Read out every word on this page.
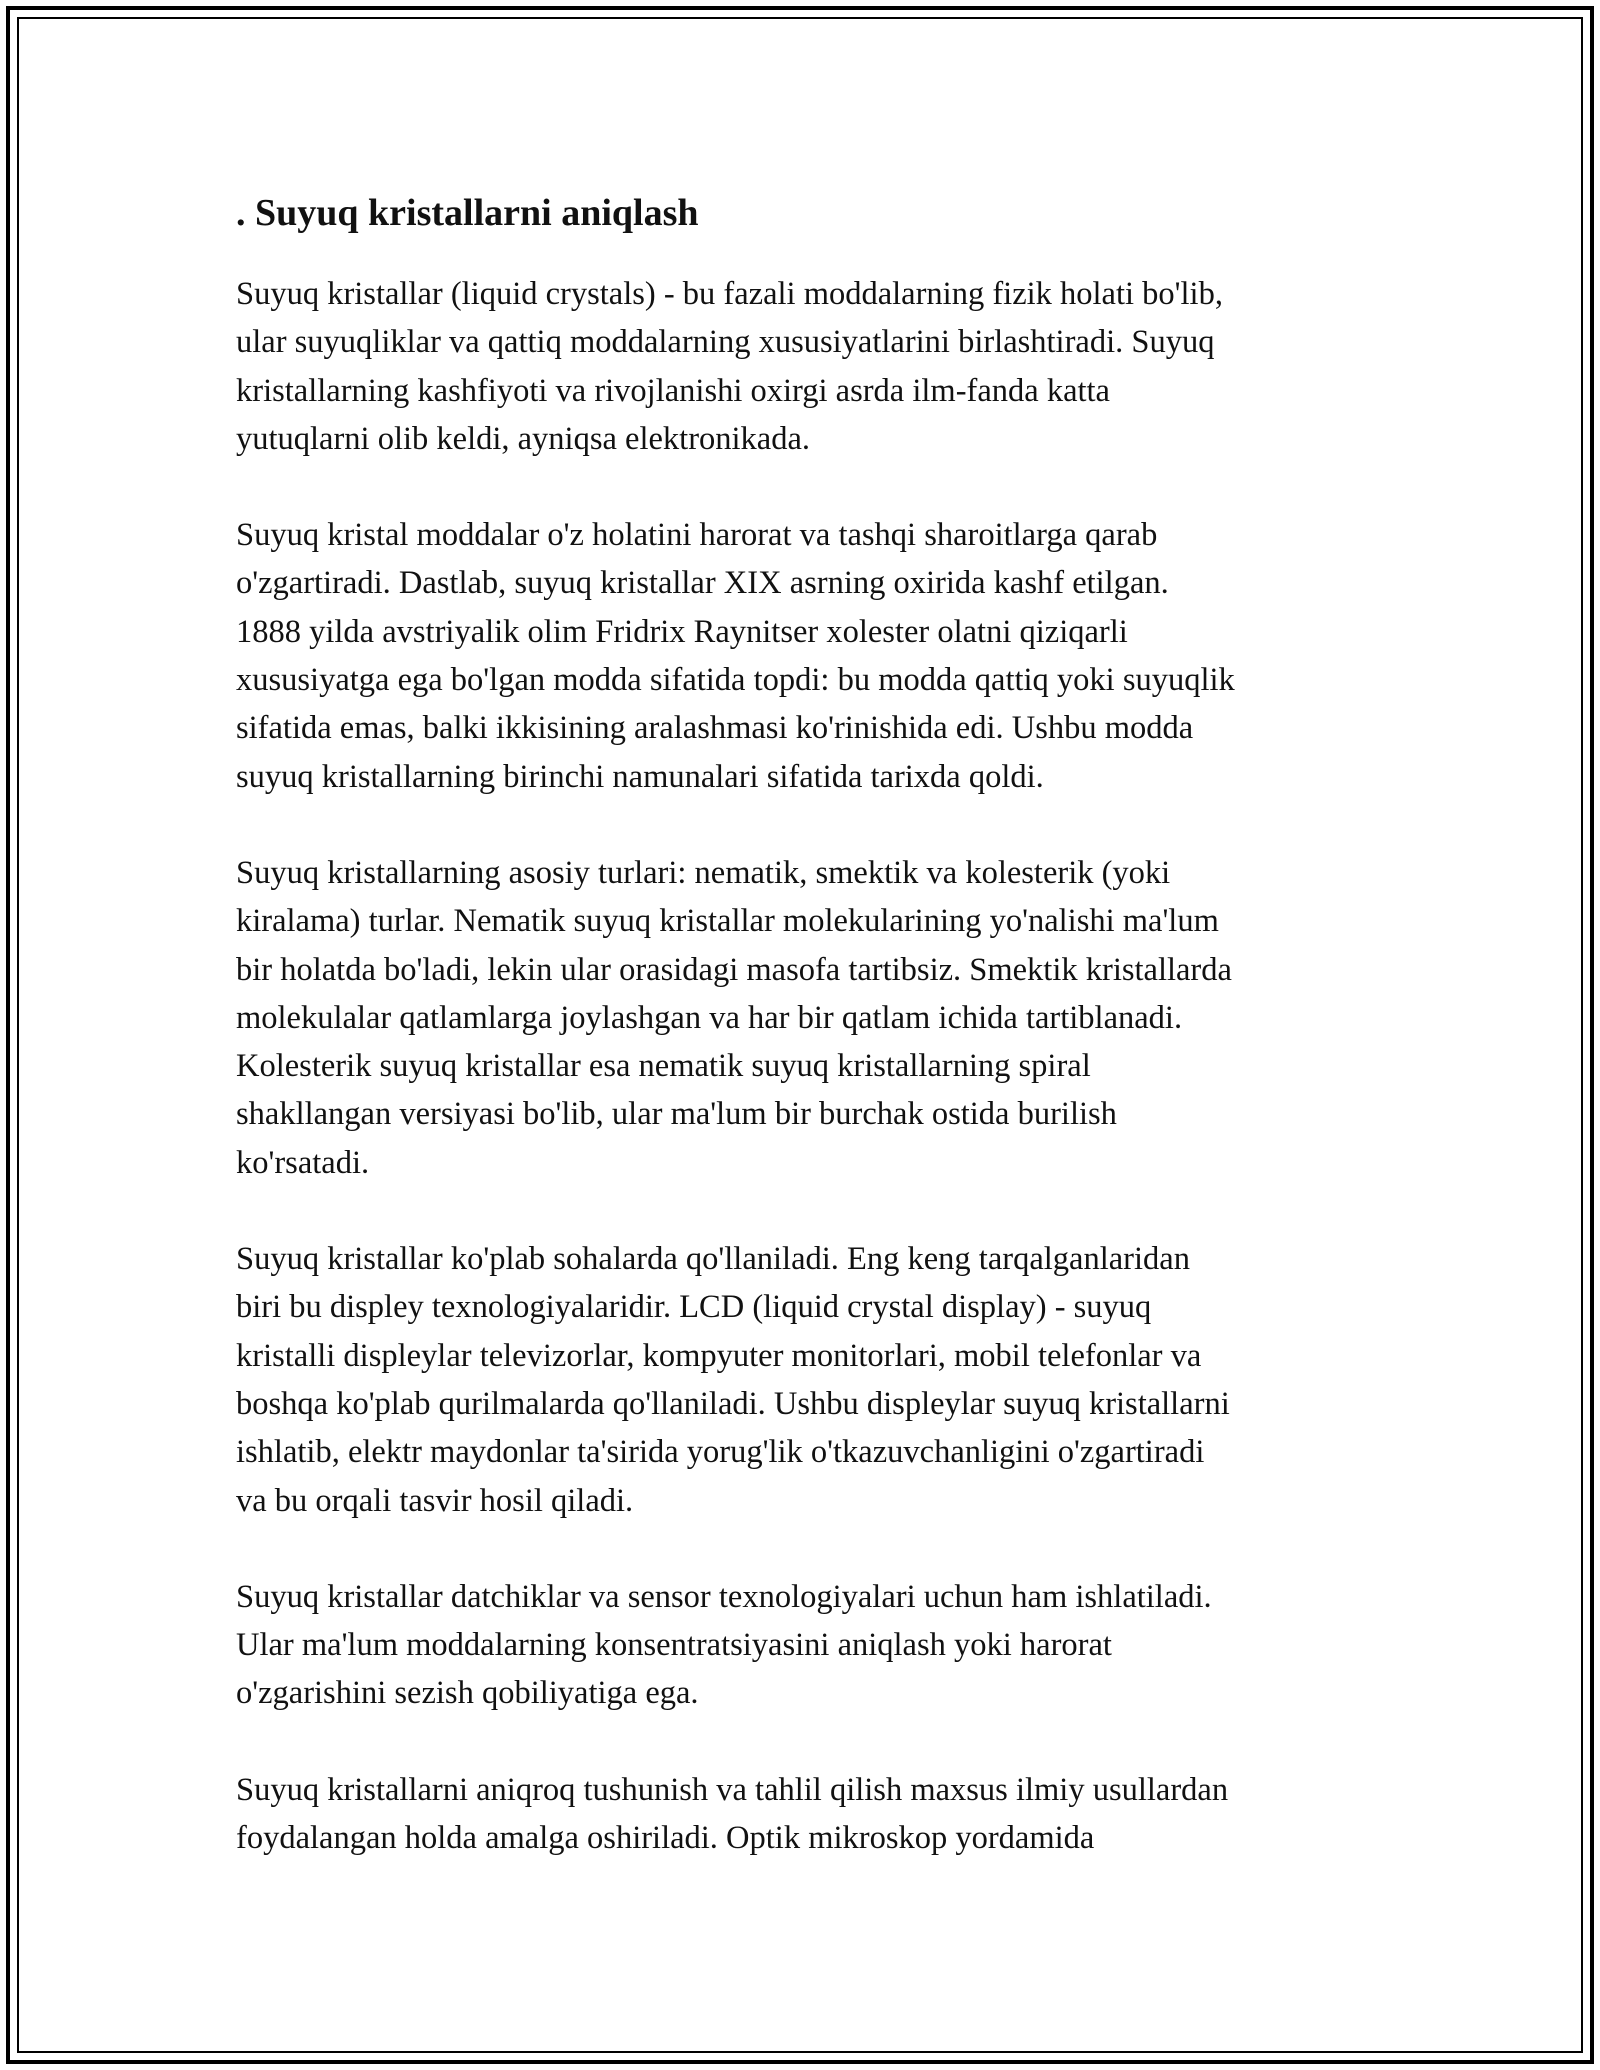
. Suyuq kristallarni aniqlash

Suyuq kristallar (liquid crystals) - bu fazali moddalarning fizik holati bo'lib,
ular suyuqliklar va qattiq moddalarning xususiyatlarini birlashtiradi. Suyuq
kristallarning kashfiyoti va rivojlanishi oxirgi asrda ilm-fanda katta
yutuqlarni olib keldi, ayniqsa elektronikada.

Suyuq kristal moddalar o'z holatini harorat va tashqi sharoitlarga qarab
o'zgartiradi. Dastlab, suyuq kristallar XIX asrning oxirida kashf etilgan.
1888 yilda avstriyalik olim Fridrix Raynitser xolester olatni qiziqarli
xususiyatga ega bo'lgan modda sifatida topdi: bu modda qattiq yoki suyuqlik
sifatida emas, balki ikkisining aralashmasi ko'rinishida edi. Ushbu modda
suyuq kristallarning birinchi namunalari sifatida tarixda qoldi.

Suyuq kristallarning asosiy turlari: nematik, smektik va kolesterik (yoki
kiralama) turlar. Nematik suyuq kristallar molekularining yo'nalishi ma'lum
bir holatda bo'ladi, lekin ular orasidagi masofa tartibsiz. Smektik kristallarda
molekulalar qatlamlarga joylashgan va har bir qatlam ichida tartiblanadi.
Kolesterik suyuq kristallar esa nematik suyuq kristallarning spiral
shakllangan versiyasi bo'lib, ular ma'lum bir burchak ostida burilish
ko'rsatadi.

Suyuq kristallar ko'plab sohalarda qo'llaniladi. Eng keng tarqalganlaridan
biri bu displey texnologiyalaridir. LCD (liquid crystal display) - suyuq
kristalli displeylar televizorlar, kompyuter monitorlari, mobil telefonlar va
boshqa ko'plab qurilmalarda qo'llaniladi. Ushbu displeylar suyuq kristallarni
ishlatib, elektr maydonlar ta'sirida yorug'lik o'tkazuvchanligini o'zgartiradi
va bu orqali tasvir hosil qiladi.

Suyuq kristallar datchiklar va sensor texnologiyalari uchun ham ishlatiladi.
Ular ma'lum moddalarning konsentratsiyasini aniqlash yoki harorat
o'zgarishini sezish qobiliyatiga ega.

Suyuq kristallarni aniqroq tushunish va tahlil qilish maxsus ilmiy usullardan
foydalangan holda amalga oshiriladi. Optik mikroskop yordamida
